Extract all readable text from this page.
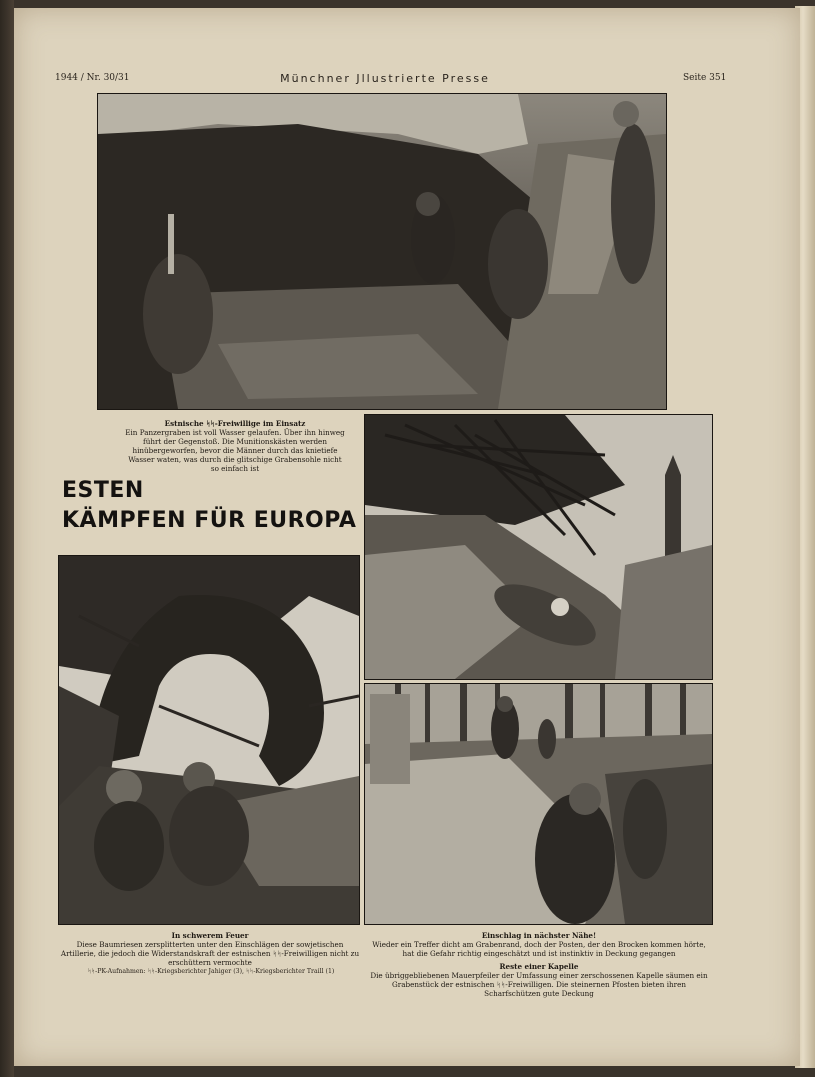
1944 / Nr. 30/31	Münchner Jllustrierte Presse	Seite 351
Estnische ᛋᛋ-Freiwillige im Einsatz
Ein Panzergraben ist voll Wasser gelaufen. Über ihn hinweg führt der Gegenstoß. Die Munitionskästen werden hinübergeworfen, bevor die Männer durch das knietiefe Wasser waten, was durch die glitschige Grabensohle nicht so einfach ist
ESTEN
KÄMPFEN FÜR EUROPA
In schwerem Feuer
Diese Baumriesen zersplitterten unter den Einschlägen der sowjetischen Artillerie, die jedoch die Widerstandskraft der estnischen ᛋᛋ-Freiwilligen nicht zu erschüttern vermochte
ᛋᛋ-PK-Aufnahmen: ᛋᛋ-Kriegsberichter Jahiger (3), ᛋᛋ-Kriegsberichter Traill (1)
Einschlag in nächster Nähe!
Wieder ein Treffer dicht am Grabenrand, doch der Posten, der den Brocken kommen hörte, hat die Gefahr richtig eingeschätzt und ist instinktiv in Deckung gegangen
Reste einer Kapelle
Die übriggebliebenen Mauerpfeiler der Umfassung einer zerschossenen Kapelle säumen ein Grabenstück der estnischen ᛋᛋ-Freiwilligen. Die steinernen Pfosten bieten ihren Scharfschützen gute Deckung
